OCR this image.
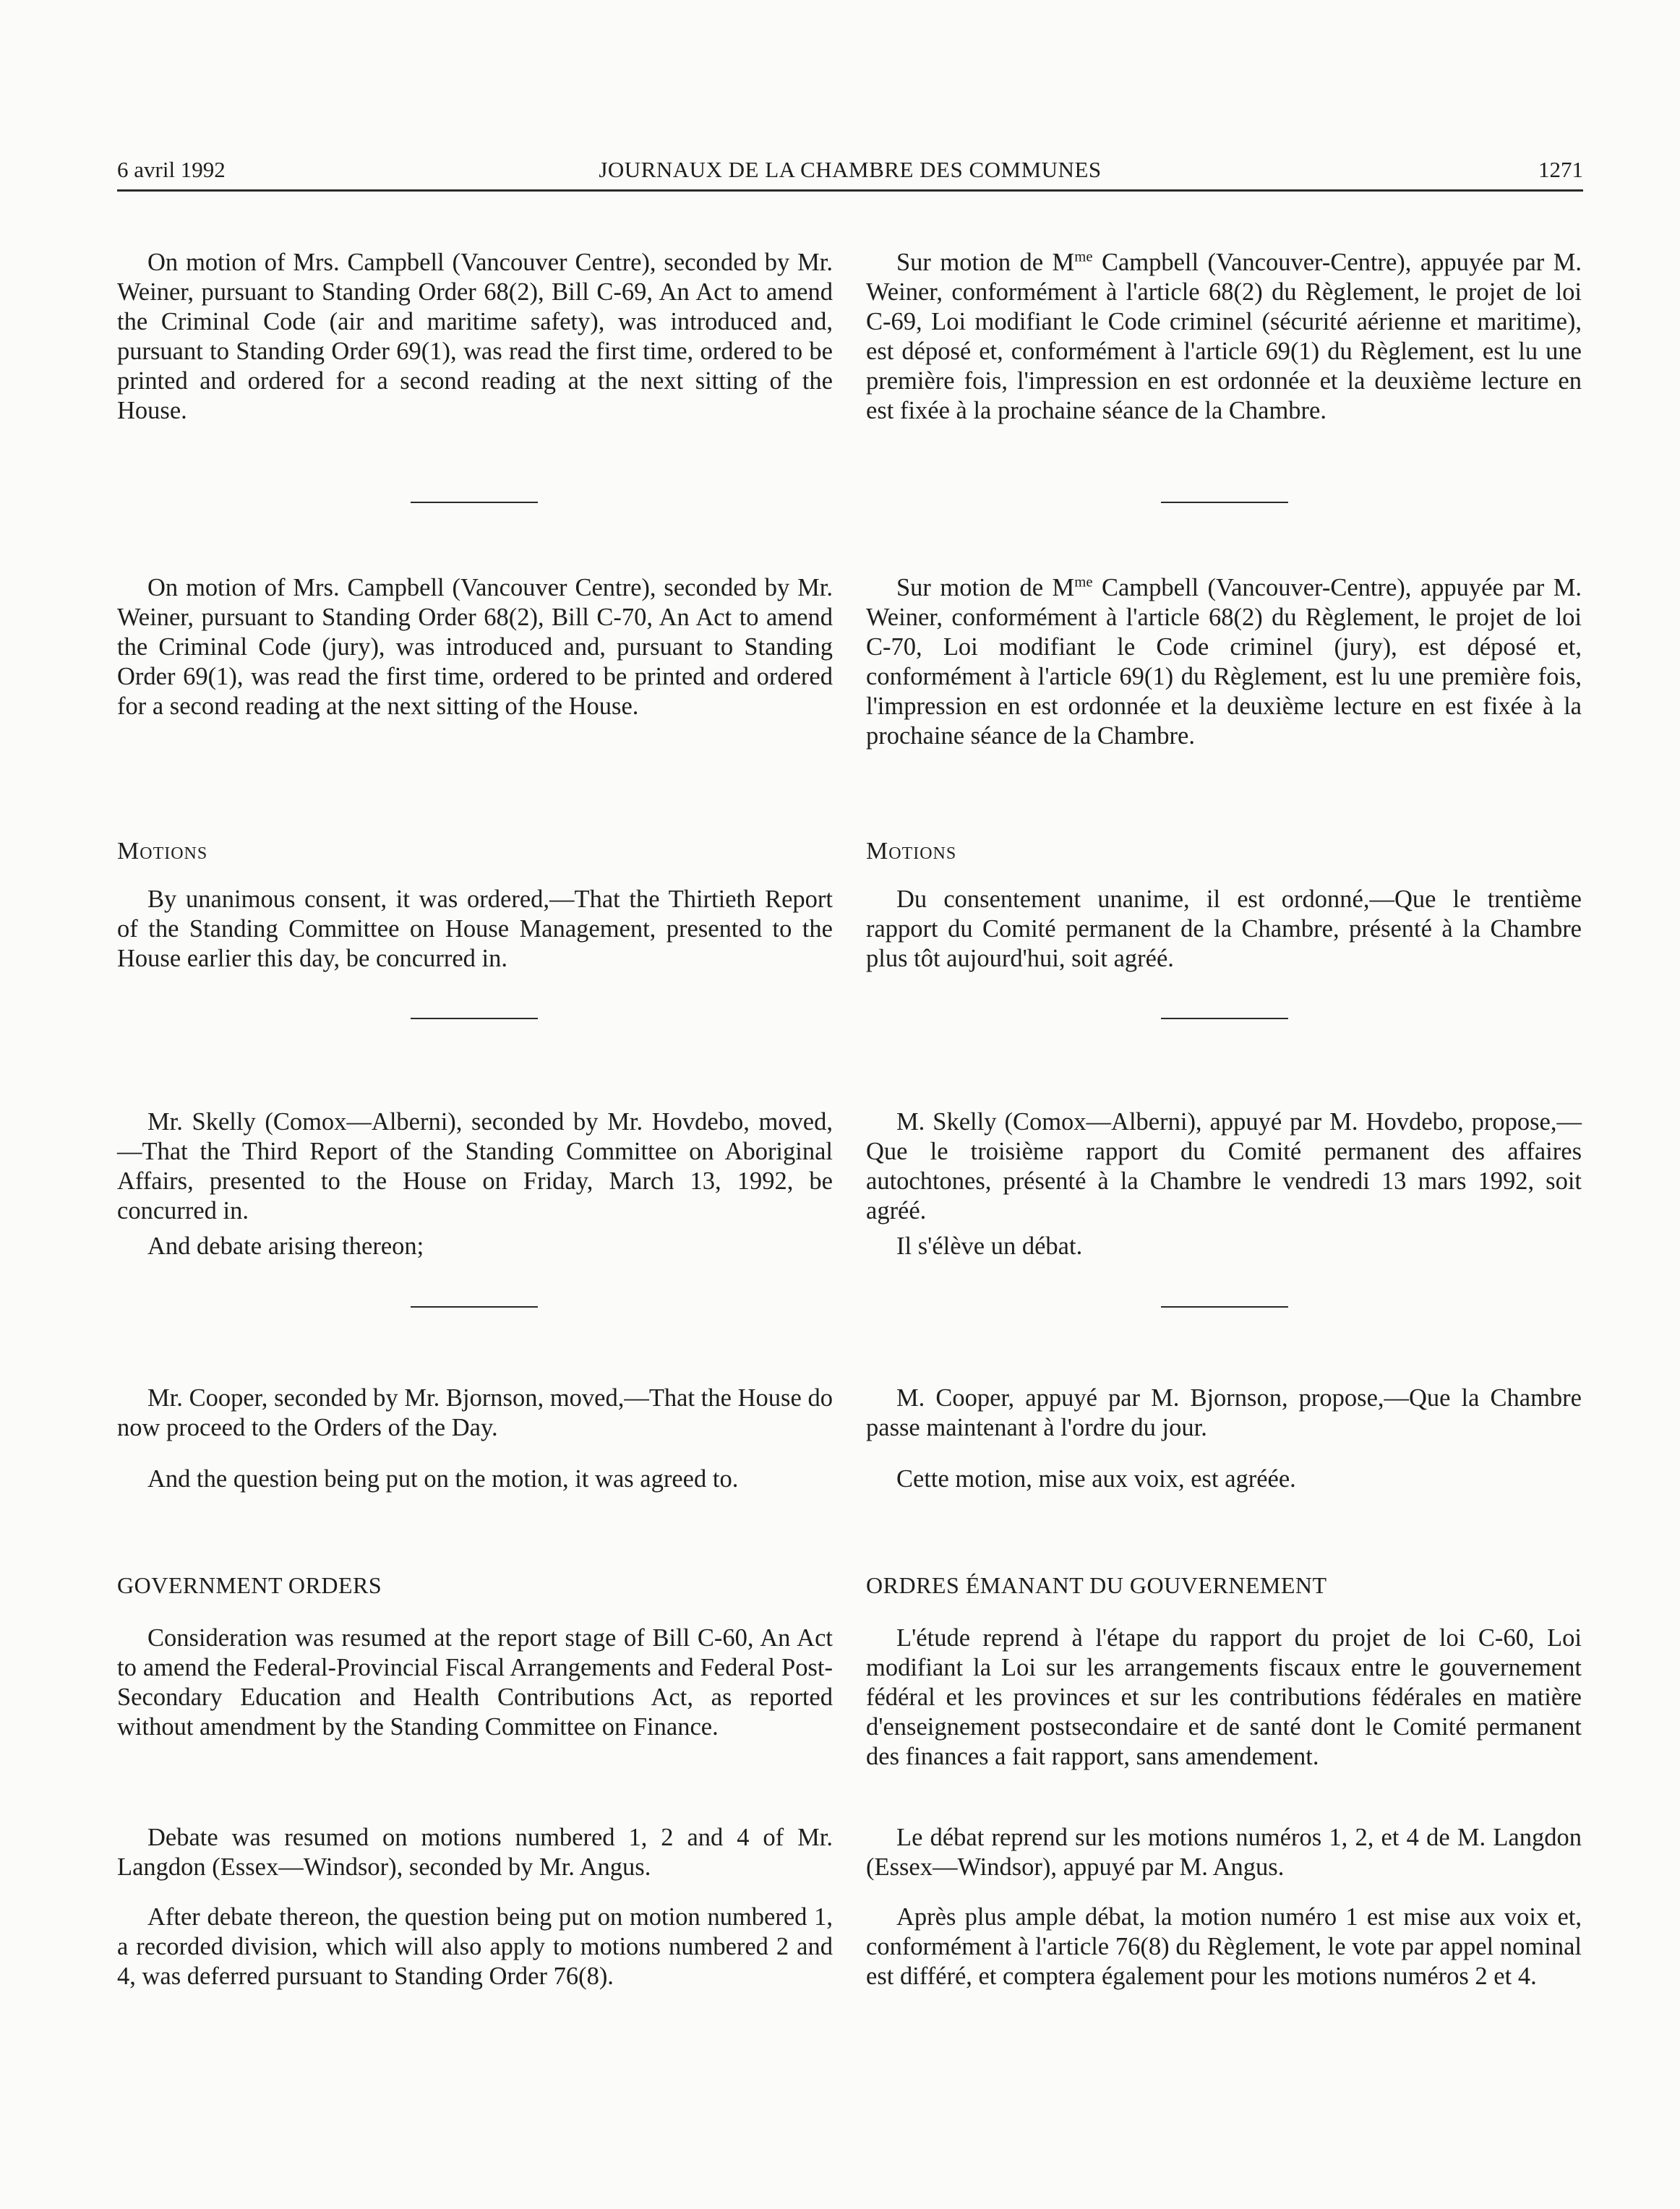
6 avril 1992	JOURNAUX DE LA CHAMBRE DES COMMUNES	1271

On motion of Mrs. Campbell (Vancouver Centre), seconded by Mr. Weiner, pursuant to Standing Order 68(2), Bill C-69, An Act to amend the Criminal Code (air and maritime safety), was introduced and, pursuant to Standing Order 69(1), was read the first time, ordered to be printed and ordered for a second reading at the next sitting of the House.

On motion of Mrs. Campbell (Vancouver Centre), seconded by Mr. Weiner, pursuant to Standing Order 68(2), Bill C-70, An Act to amend the Criminal Code (jury), was introduced and, pursuant to Standing Order 69(1), was read the first time, ordered to be printed and ordered for a second reading at the next sitting of the House.

Motions

By unanimous consent, it was ordered,—That the Thirtieth Report of the Standing Committee on House Management, presented to the House earlier this day, be concurred in.

Mr. Skelly (Comox—Alberni), seconded by Mr. Hovdebo, moved,—That the Third Report of the Standing Committee on Aboriginal Affairs, presented to the House on Friday, March 13, 1992, be concurred in.

And debate arising thereon;

Mr. Cooper, seconded by Mr. Bjornson, moved,—That the House do now proceed to the Orders of the Day.

And the question being put on the motion, it was agreed to.

GOVERNMENT ORDERS

Consideration was resumed at the report stage of Bill C-60, An Act to amend the Federal-Provincial Fiscal Arrangements and Federal Post-Secondary Education and Health Contributions Act, as reported without amendment by the Standing Committee on Finance.

Debate was resumed on motions numbered 1, 2 and 4 of Mr. Langdon (Essex—Windsor), seconded by Mr. Angus.

After debate thereon, the question being put on motion numbered 1, a recorded division, which will also apply to motions numbered 2 and 4, was deferred pursuant to Standing Order 76(8).

Sur motion de $M^{me}$ Campbell (Vancouver-Centre), appuyée par M. Weiner, conformément à l'article 68(2) du Règlement, le projet de loi C-69, Loi modifiant le Code criminel (sécurité aérienne et maritime), est déposé et, conformément à l'article 69(1) du Règlement, est lu une première fois, l'impression en est ordonnée et la deuxième lecture en est fixée à la prochaine séance de la Chambre.

Sur motion de $M^{me}$ Campbell (Vancouver-Centre), appuyée par M. Weiner, conformément à l'article 68(2) du Règlement, le projet de loi C-70, Loi modifiant le Code criminel (jury), est déposé et, conformément à l'article 69(1) du Règlement, est lu une première fois, l'impression en est ordonnée et la deuxième lecture en est fixée à la prochaine séance de la Chambre.

Motions

Du consentement unanime, il est ordonné,—Que le trentième rapport du Comité permanent de la Chambre, présenté à la Chambre plus tôt aujourd'hui, soit agréé.

M. Skelly (Comox—Alberni), appuyé par M. Hovdebo, propose,—Que le troisième rapport du Comité permanent des affaires autochtones, présenté à la Chambre le vendredi 13 mars 1992, soit agréé.

Il s'élève un débat.

M. Cooper, appuyé par M. Bjornson, propose,—Que la Chambre passe maintenant à l'ordre du jour.

Cette motion, mise aux voix, est agréée.

ORDRES ÉMANANT DU GOUVERNEMENT

L'étude reprend à l'étape du rapport du projet de loi C-60, Loi modifiant la Loi sur les arrangements fiscaux entre le gouvernement fédéral et les provinces et sur les contributions fédérales en matière d'enseignement postsecondaire et de santé dont le Comité permanent des finances a fait rapport, sans amendement.

Le débat reprend sur les motions numéros 1, 2, et 4 de M. Langdon (Essex—Windsor), appuyé par M. Angus.

Après plus ample débat, la motion numéro 1 est mise aux voix et, conformément à l'article 76(8) du Règlement, le vote par appel nominal est différé, et comptera également pour les motions numéros 2 et 4.
